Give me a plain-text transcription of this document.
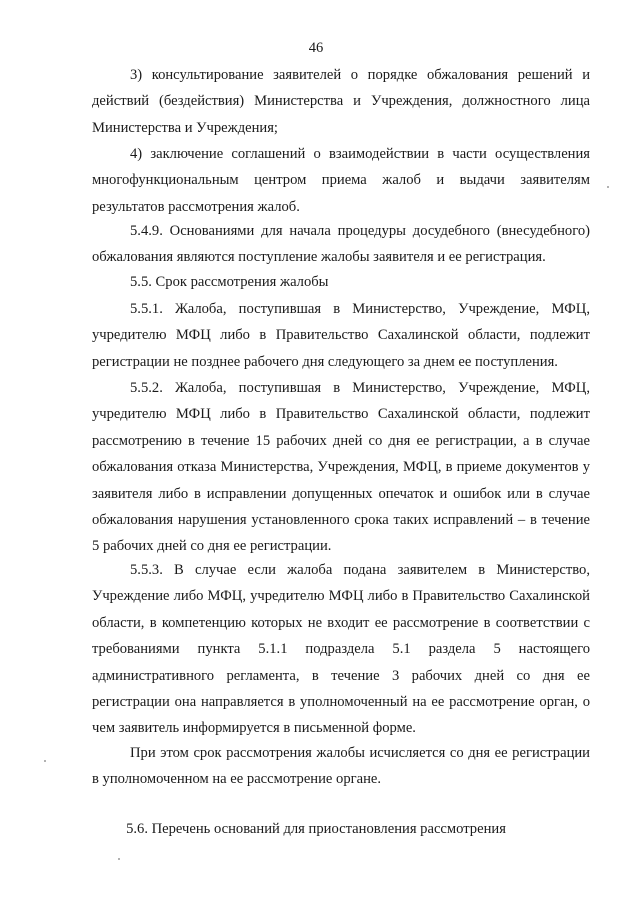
46

3) консультирование заявителей о порядке обжалования решений и действий (бездействия) Министерства и Учреждения, должностного лица Министерства и Учреждения;

4) заключение соглашений о взаимодействии в части осуществления многофункциональным центром приема жалоб и выдачи заявителям результатов рассмотрения жалоб.

5.4.9. Основаниями для начала процедуры досудебного (внесудебного) обжалования являются поступление жалобы заявителя и ее регистрация.

5.5. Срок рассмотрения жалобы

5.5.1. Жалоба, поступившая в Министерство, Учреждение, МФЦ, учредителю МФЦ либо в Правительство Сахалинской области, подлежит регистрации не позднее рабочего дня следующего за днем ее поступления.

5.5.2. Жалоба, поступившая в Министерство, Учреждение, МФЦ, учредителю МФЦ либо в Правительство Сахалинской области, подлежит рассмотрению в течение 15 рабочих дней со дня ее регистрации, а в случае обжалования отказа Министерства, Учреждения, МФЦ, в приеме документов у заявителя либо в исправлении допущенных опечаток и ошибок или в случае обжалования нарушения установленного срока таких исправлений – в течение 5 рабочих дней со дня ее регистрации.

5.5.3. В случае если жалоба подана заявителем в Министерство, Учреждение либо МФЦ, учредителю МФЦ либо в Правительство Сахалинской области, в компетенцию которых не входит ее рассмотрение в соответствии с требованиями пункта 5.1.1 подраздела 5.1 раздела 5 настоящего административного регламента, в течение 3 рабочих дней со дня ее регистрации она направляется в уполномоченный на ее рассмотрение орган, о чем заявитель информируется в письменной форме.

При этом срок рассмотрения жалобы исчисляется со дня ее регистрации в уполномоченном на ее рассмотрение органе.

5.6. Перечень оснований для приостановления рассмотрения
